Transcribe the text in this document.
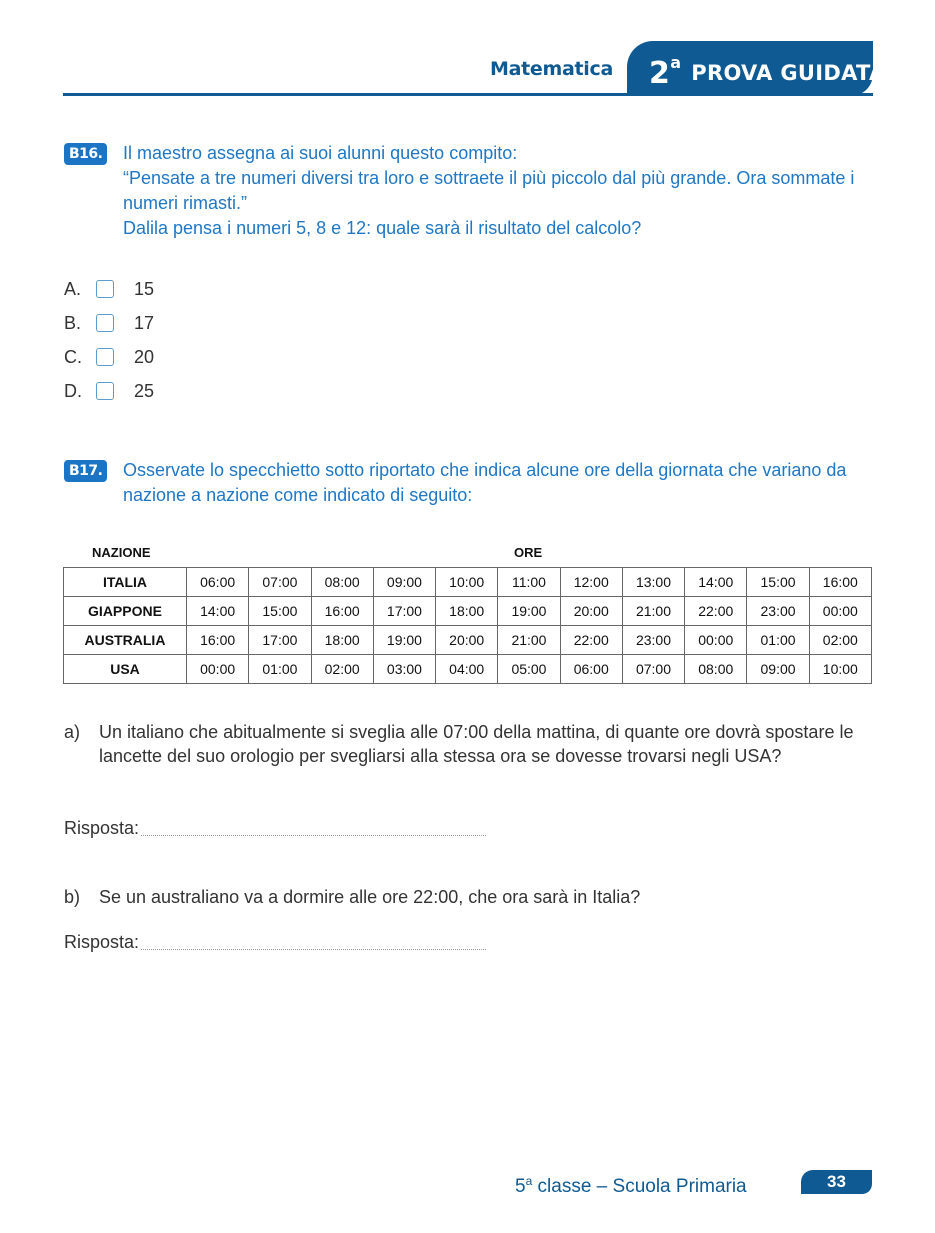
Matematica 2$^a$ PROVA GUIDATA
B16. Il maestro assegna ai suoi alunni questo compito:
“Pensate a tre numeri diversi tra loro e sottraete il più piccolo dal più grande. Ora sommate i numeri rimasti.”
Dalila pensa i numeri 5, 8 e 12: quale sarà il risultato del calcolo?
A.	15
B.	17
C.	20
D.	25
B17. Osservate lo specchietto sotto riportato che indica alcune ore della giornata che variano da nazione a nazione come indicato di seguito:
NAZIONE	ORE
ITALIA	06:00	07:00	08:00	09:00	10:00	11:00	12:00	13:00	14:00	15:00	16:00
GIAPPONE	14:00	15:00	16:00	17:00	18:00	19:00	20:00	21:00	22:00	23:00	00:00
AUSTRALIA	16:00	17:00	18:00	19:00	20:00	21:00	22:00	23:00	00:00	01:00	02:00
USA	00:00	01:00	02:00	03:00	04:00	05:00	06:00	07:00	08:00	09:00	10:00
a) Un italiano che abitualmente si sveglia alle 07:00 della mattina, di quante ore dovrà spostare le lancette del suo orologio per svegliarsi alla stessa ora se dovesse trovarsi negli USA?
Risposta:
b) Se un australiano va a dormire alle ore 22:00, che ora sarà in Italia?
Risposta:
5$^a$ classe – Scuola Primaria	33
